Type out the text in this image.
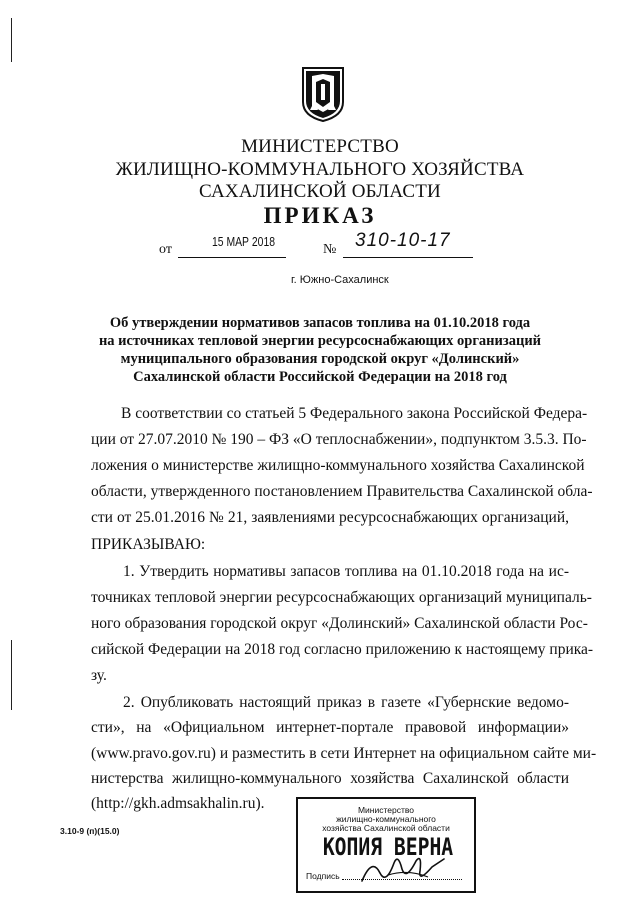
МИНИСТЕРСТВО
ЖИЛИЩНО-КОММУНАЛЬНОГО ХОЗЯЙСТВА
САХАЛИНСКОЙ ОБЛАСТИ
ПРИКАЗ
от
15 МАР 2018
№ 310-10-17
г. Южно-Сахалинск
Об утверждении нормативов запасов топлива на 01.10.2018 года
на источниках тепловой энергии ресурсоснабжающих организаций
муниципального образования городской округ «Долинский»
Сахалинской области Российской Федерации на 2018 год
В соответствии со статьей 5 Федерального закона Российской Федера-
ции от 27.07.2010 № 190 – ФЗ «О теплоснабжении», подпунктом 3.5.3. По-
ложения о министерстве жилищно-коммунального хозяйства Сахалинской
области, утвержденного постановлением Правительства Сахалинской обла-
сти от 25.01.2016 № 21, заявлениями ресурсоснабжающих организаций,
ПРИКАЗЫВАЮ:
1. Утвердить нормативы запасов топлива на 01.10.2018 года на ис-
точниках тепловой энергии ресурсоснабжающих организаций муниципаль-
ного образования городской округ «Долинский» Сахалинской области Рос-
сийской Федерации на 2018 год согласно приложению к настоящему прика-
зу.
2. Опубликовать настоящий приказ в газете «Губернские ведомо-
сти», на «Официальном интернет-портале правовой информации»
(www.pravo.gov.ru) и разместить в сети Интернет на официальном сайте ми-
нистерства жилищно-коммунального хозяйства Сахалинской области
(http://gkh.admsakhalin.ru).
3.10-9 (п)(15.0)
Министерство
жилищно-коммунального
хозяйства Сахалинской области
КОПИЯ ВЕРНА
Подпись
